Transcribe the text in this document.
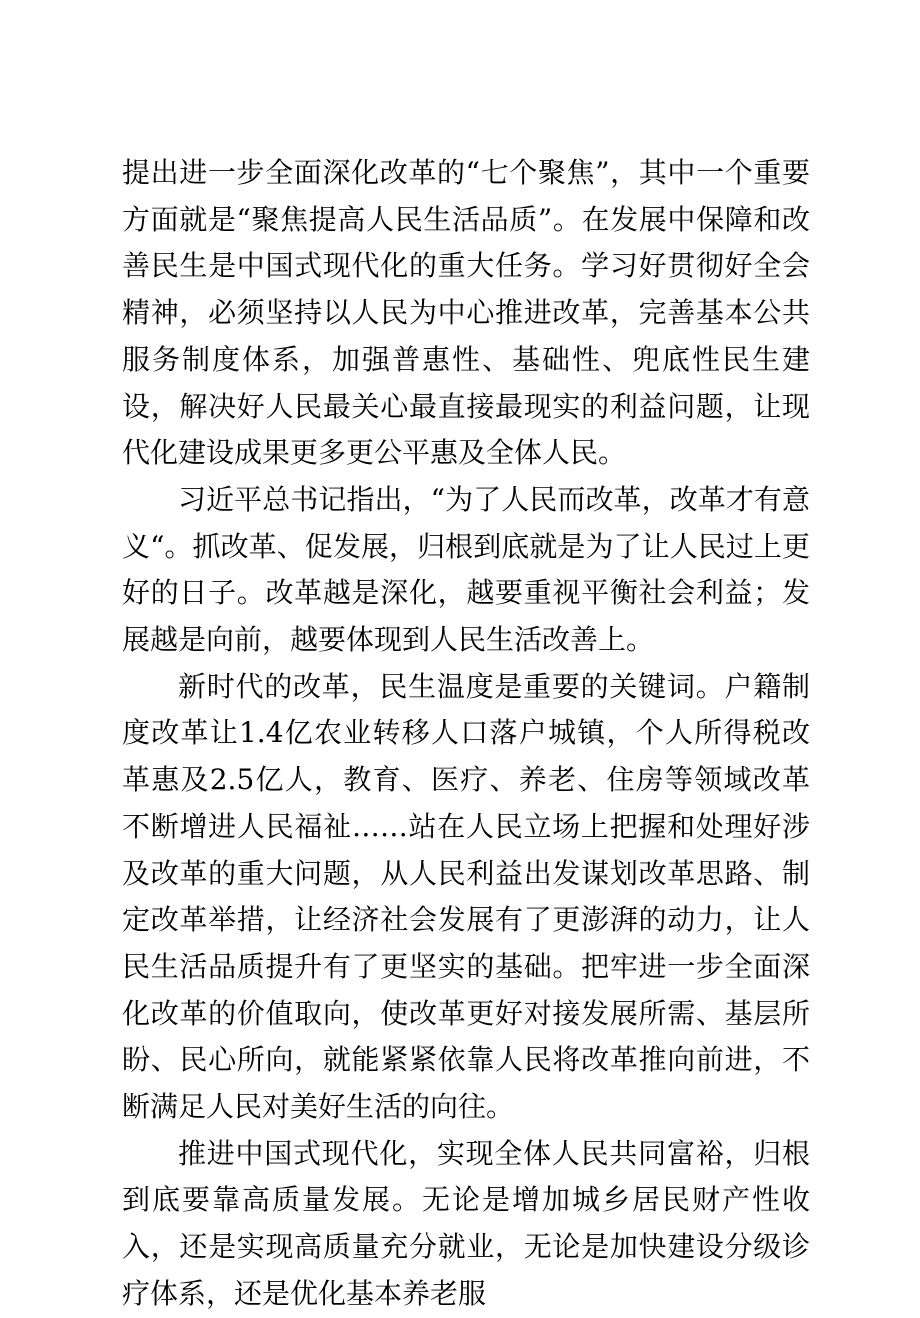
提出进一步全面深化改革的“七个聚焦”，其中一个重要方面就是“聚焦提高人民生活品质”。在发展中保障和改善民生是中国式现代化的重大任务。学习好贯彻好全会精神，必须坚持以人民为中心推进改革，完善基本公共服务制度体系，加强普惠性、基础性、兜底性民生建设，解决好人民最关心最直接最现实的利益问题，让现代化建设成果更多更公平惠及全体人民。

习近平总书记指出，“为了人民而改革，改革才有意义“。抓改革、促发展，归根到底就是为了让人民过上更好的日子。改革越是深化，越要重视平衡社会利益；发展越是向前，越要体现到人民生活改善上。

新时代的改革，民生温度是重要的关键词。户籍制度改革让1.4亿农业转移人口落户城镇，个人所得税改革惠及2.5亿人，教育、医疗、养老、住房等领域改革不断增进人民福祉……站在人民立场上把握和处理好涉及改革的重大问题，从人民利益出发谋划改革思路、制定改革举措，让经济社会发展有了更澎湃的动力，让人民生活品质提升有了更坚实的基础。把牢进一步全面深化改革的价值取向，使改革更好对接发展所需、基层所盼、民心所向，就能紧紧依靠人民将改革推向前进，不断满足人民对美好生活的向往。

推进中国式现代化，实现全体人民共同富裕，归根到底要靠高质量发展。无论是增加城乡居民财产性收入，还是实现高质量充分就业，无论是加快建设分级诊疗体系，还是优化基本养老服
